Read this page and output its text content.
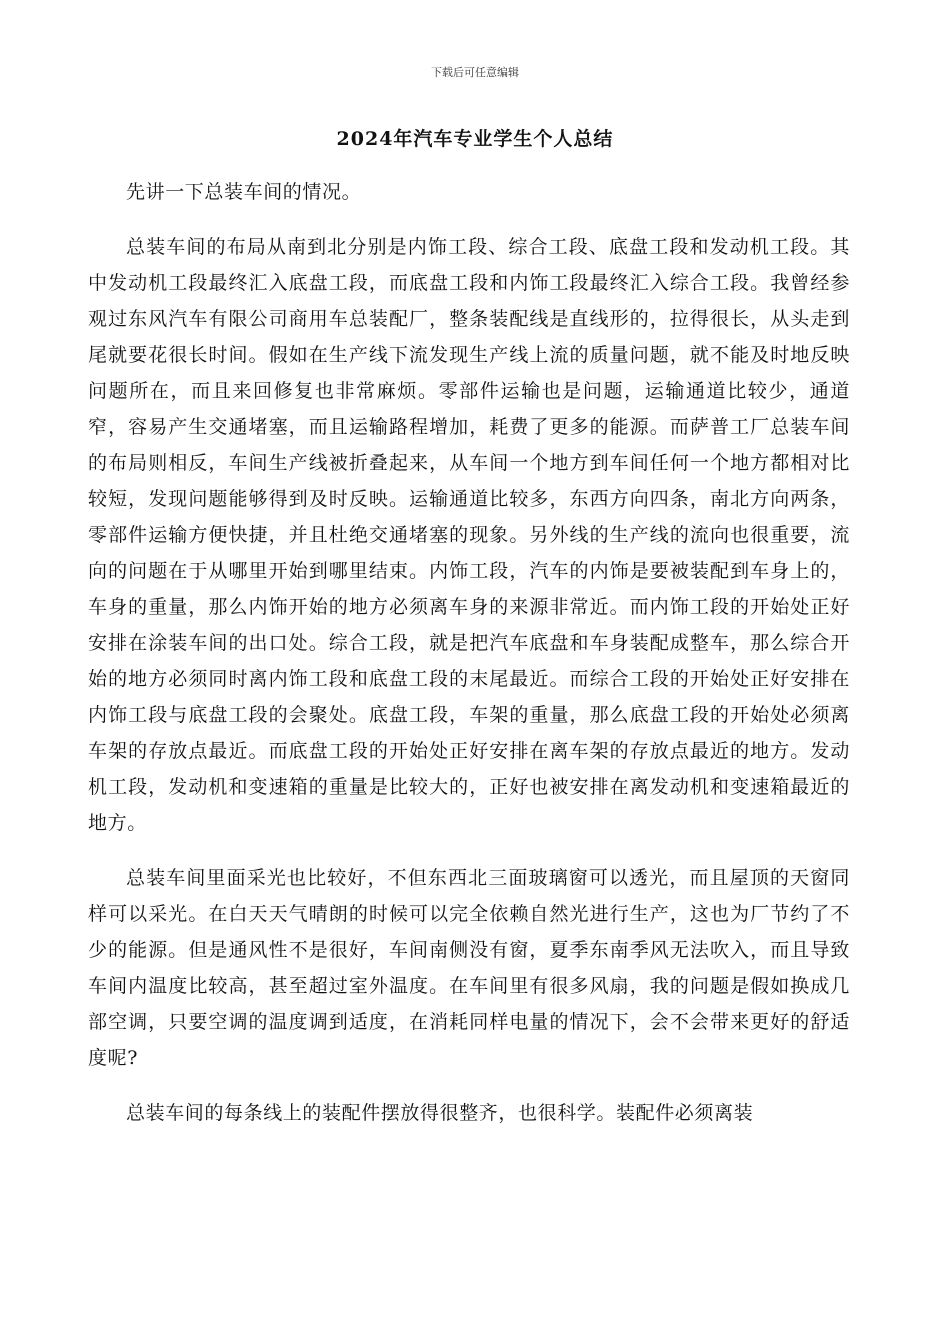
下载后可任意编辑
2024年汽车专业学生个人总结

先讲一下总装车间的情况。

总装车间的布局从南到北分别是内饰工段、综合工段、底盘工段和发动机工段。其中发动机工段最终汇入底盘工段，而底盘工段和内饰工段最终汇入综合工段。我曾经参观过东风汽车有限公司商用车总装配厂，整条装配线是直线形的，拉得很长，从头走到尾就要花很长时间。假如在生产线下流发现生产线上流的质量问题，就不能及时地反映问题所在，而且来回修复也非常麻烦。零部件运输也是问题，运输通道比较少，通道窄，容易产生交通堵塞，而且运输路程增加，耗费了更多的能源。而萨普工厂总装车间的布局则相反，车间生产线被折叠起来，从车间一个地方到车间任何一个地方都相对比较短，发现问题能够得到及时反映。运输通道比较多，东西方向四条，南北方向两条，零部件运输方便快捷，并且杜绝交通堵塞的现象。另外线的生产线的流向也很重要，流向的问题在于从哪里开始到哪里结束。内饰工段，汽车的内饰是要被装配到车身上的，车身的重量，那么内饰开始的地方必须离车身的来源非常近。而内饰工段的开始处正好安排在涂装车间的出口处。综合工段，就是把汽车底盘和车身装配成整车，那么综合开始的地方必须同时离内饰工段和底盘工段的末尾最近。而综合工段的开始处正好安排在内饰工段与底盘工段的会聚处。底盘工段，车架的重量，那么底盘工段的开始处必须离车架的存放点最近。而底盘工段的开始处正好安排在离车架的存放点最近的地方。发动机工段，发动机和变速箱的重量是比较大的，正好也被安排在离发动机和变速箱最近的地方。

总装车间里面采光也比较好，不但东西北三面玻璃窗可以透光，而且屋顶的天窗同样可以采光。在白天天气晴朗的时候可以完全依赖自然光进行生产，这也为厂节约了不少的能源。但是通风性不是很好，车间南侧没有窗，夏季东南季风无法吹入，而且导致车间内温度比较高，甚至超过室外温度。在车间里有很多风扇，我的问题是假如换成几部空调，只要空调的温度调到适度，在消耗同样电量的情况下，会不会带来更好的舒适度呢?

总装车间的每条线上的装配件摆放得很整齐，也很科学。装配件必须离装
